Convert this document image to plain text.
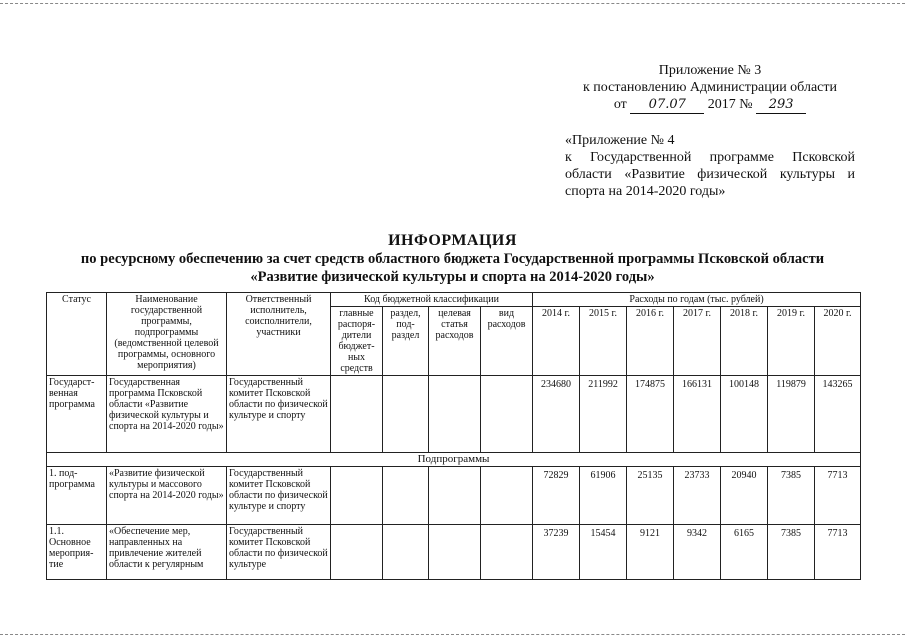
Приложение № 3
к постановлению Администрации области
от 07.07 2017 № 293
«Приложение № 4
к Государственной программе Псковской области «Развитие физической культуры и спорта на 2014-2020 годы»
ИНФОРМАЦИЯ
по ресурсному обеспечению за счет средств областного бюджета Государственной программы Псковской области
«Развитие физической культуры и спорта на 2014-2020 годы»
Статус	Наименование государственной программы, подпрограммы (ведомственной целевой программы, основного мероприятия)	Ответственный исполнитель, соисполнители, участники	Код бюджетной классификации				Расходы по годам (тыс. рублей)						
			главные распоря-дители бюджет-ных средств	раздел, под-раздел	целевая статья расходов	вид расходов	2014 г.	2015 г.	2016 г.	2017 г.	2018 г.	2019 г.	2020 г.
Государст-венная программа	Государственная программа Псковской области «Развитие физической культуры и спорта на 2014-2020 годы»	Государственный комитет Псковской области по физической культуре и спорту					234680	211992	174875	166131	100148	119879	143265
Подпрограммы													
1. под-программа	«Развитие физической культуры и массового спорта на 2014-2020 годы»	Государственный комитет Псковской области по физической культуре и спорту					72829	61906	25135	23733	20940	7385	7713
1.1. Основное мероприя-тие	«Обеспечение мер, направленных на привлечение жителей области к регулярным	Государственный комитет Псковской области по физической культуре					37239	15454	9121	9342	6165	7385	7713
